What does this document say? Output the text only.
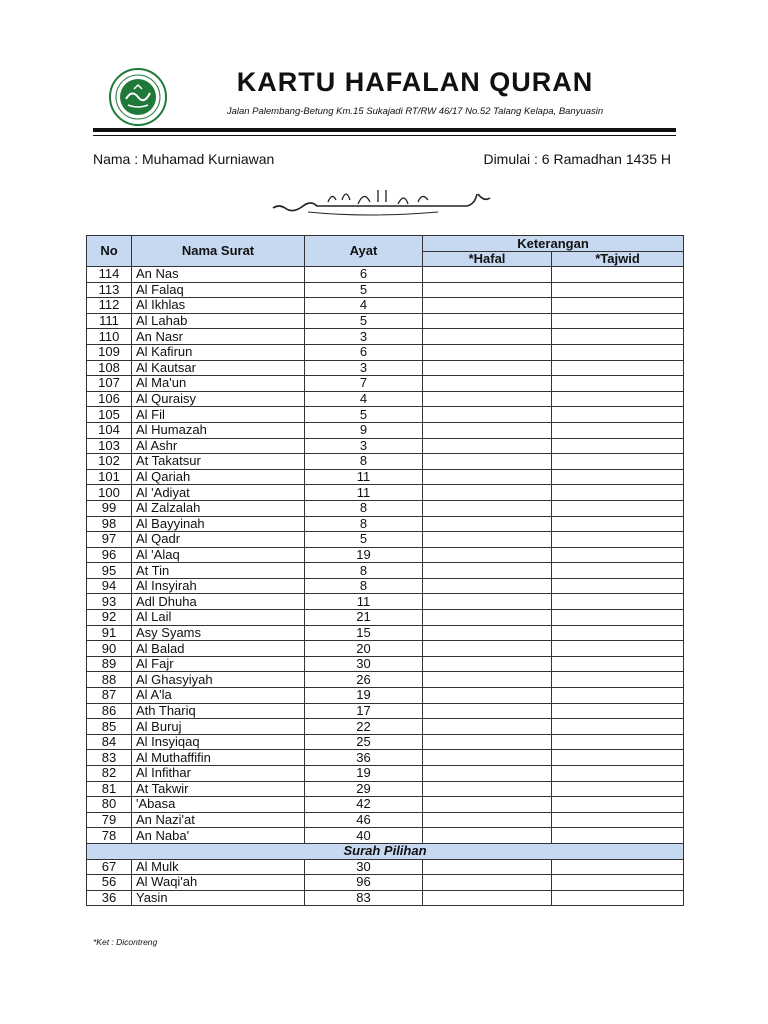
KARTU HAFALAN QURAN
Jalan Palembang-Betung Km.15 Sukajadi RT/RW 46/17 No.52 Talang Kelapa, Banyuasin
Nama : Muhamad Kurniawan	Dimulai : 6 Ramadhan 1435 H
No	Nama Surat	Ayat	Keterangan	
			*Hafal	*Tajwid
114	An Nas	6		
113	Al Falaq	5		
112	Al Ikhlas	4		
111	Al Lahab	5		
110	An Nasr	3		
109	Al Kafirun	6		
108	Al Kautsar	3		
107	Al Ma'un	7		
106	Al Quraisy	4		
105	Al Fil	5		
104	Al Humazah	9		
103	Al Ashr	3		
102	At Takatsur	8		
101	Al Qariah	11		
100	Al 'Adiyat	11		
99	Al Zalzalah	8		
98	Al Bayyinah	8		
97	Al Qadr	5		
96	Al 'Alaq	19		
95	At Tin	8		
94	Al Insyirah	8		
93	Adl Dhuha	11		
92	Al Lail	21		
91	Asy Syams	15		
90	Al Balad	20		
89	Al Fajr	30		
88	Al Ghasyiyah	26		
87	Al A'la	19		
86	Ath Thariq	17		
85	Al Buruj	22		
84	Al Insyiqaq	25		
83	Al Muthaffifin	36		
82	Al Infithar	19		
81	At Takwir	29		
80	'Abasa	42		
79	An Nazi'at	46		
78	An Naba'	40		
Surah Pilihan				
67	Al Mulk	30		
56	Al Waqi'ah	96		
36	Yasin	83		
*Ket : Dicontreng
